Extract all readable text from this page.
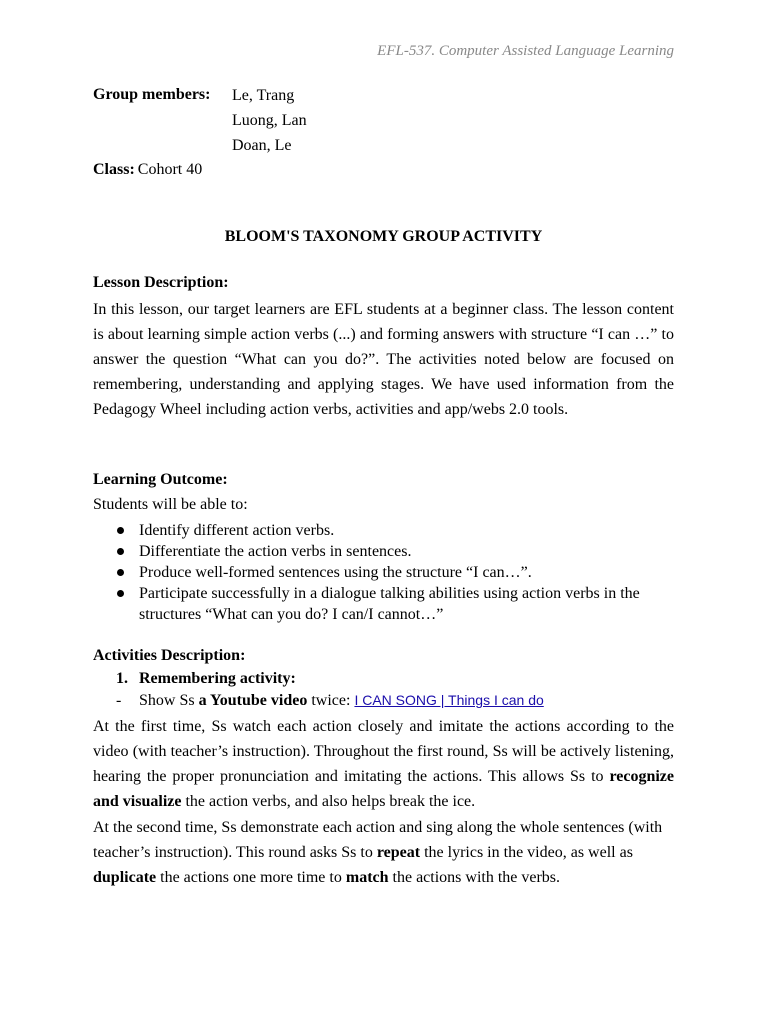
EFL-537. Computer Assisted Language Learning
Group members: Le, Trang
Luong, Lan
Doan, Le
Class: Cohort 40
BLOOM'S TAXONOMY GROUP ACTIVITY
Lesson Description:
In this lesson, our target learners are EFL students at a beginner class. The lesson content is about learning simple action verbs (...) and forming answers with structure “I can …” to answer the question “What can you do?”. The activities noted below are focused on remembering, understanding and applying stages. We have used information from the Pedagogy Wheel including action verbs, activities and app/webs 2.0 tools.
Learning Outcome:
Students will be able to:
Identify different action verbs.
Differentiate the action verbs in sentences.
Produce well-formed sentences using the structure “I can…”.
Participate successfully in a dialogue talking abilities using action verbs in the structures “What can you do? I can/I cannot…”
Activities Description:
1. Remembering activity:
- Show Ss a Youtube video twice: I CAN SONG | Things I can do
At the first time, Ss watch each action closely and imitate the actions according to the video (with teacher’s instruction). Throughout the first round, Ss will be actively listening, hearing the proper pronunciation and imitating the actions. This allows Ss to recognize and visualize the action verbs, and also helps break the ice.
At the second time, Ss demonstrate each action and sing along the whole sentences (with teacher’s instruction). This round asks Ss to repeat the lyrics in the video, as well as duplicate the actions one more time to match the actions with the verbs.
